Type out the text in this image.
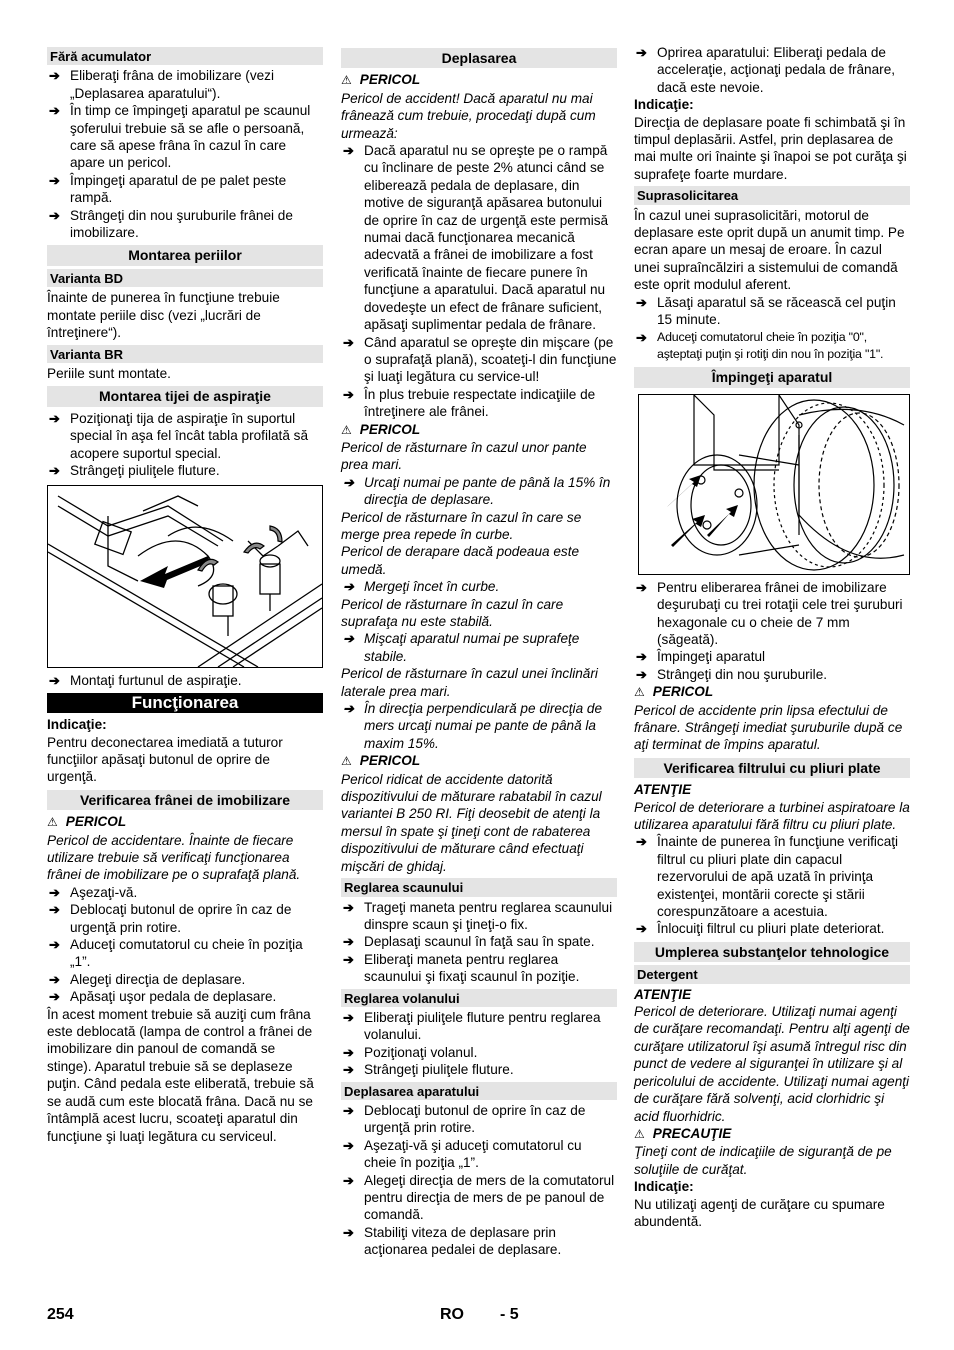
Fără acumulator
➔ Eliberaţi frâna de imobilizare (vezi „Deplasarea aparatului“).
➔ În timp ce împingeţi aparatul pe scaunul şoferului trebuie să se afle o persoană, care să apese frâna în cazul în care apare un pericol.
➔ Împingeţi aparatul de pe palet peste rampă.
➔ Strângeţi din nou şuruburile frânei de imobilizare.
Montarea periilor
Varianta BD

Înainte de punerea în funcţiune trebuie montate periile disc (vezi „lucrări de întreţinere“).

Varianta BR

Periile sunt montate.

Montarea tijei de aspiraţie
➔ Poziţionaţi tija de aspiraţie în suportul special în aşa fel încât tabla profilată să acopere suportul special.
➔ Strângeţi piuliţele fluture.
➔ Montaţi furtunul de aspiraţie.
Funcţionarea
Indicaţie:

Pentru deconectarea imediată a tuturor funcţiilor apăsaţi butonul de oprire de urgenţă.

Verificarea frânei de imobilizare
⚠ PERICOL

Pericol de accidentare. Înainte de fiecare utilizare trebuie să verificaţi funcţionarea frânei de imobilizare pe o suprafaţă plană.

➔ Aşezaţi-vă.
➔ Deblocaţi butonul de oprire în caz de urgenţă prin rotire.
➔ Aduceţi comutatorul cu cheie în poziţia „1”.
➔ Alegeţi direcţia de deplasare.
➔ Apăsaţi uşor pedala de deplasare.

În acest moment trebuie să auziţi cum frâna este deblocată (lampa de control a frânei de imobilizare din panoul de comandă se stinge). Aparatul trebuie să se deplaseze puţin. Când pedala este eliberată, trebuie să se audă cum este blocată frâna. Dacă nu se întâmplă acest lucru, scoateţi aparatul din funcţiune şi luaţi legătura cu serviceul.

Deplasarea
⚠ PERICOL

Pericol de accident! Dacă aparatul nu mai frânează cum trebuie, procedaţi după cum urmează:

➔ Dacă aparatul nu se opreşte pe o rampă cu înclinare de peste 2% atunci când se eliberează pedala de deplasare, din motive de siguranţă apăsarea butonului de oprire în caz de urgenţă este permisă numai dacă funcţionarea mecanică adecvată a frânei de imobilizare a fost verificată înainte de fiecare punere în funcţiune a aparatului. Dacă aparatul nu dovedeşte un efect de frânare suficient, apăsaţi suplimentar pedala de frânare.
➔ Când aparatul se opreşte din mişcare (pe o suprafaţă plană), scoateţi-l din funcţiune şi luaţi legătura cu service-ul!
➔ În plus trebuie respectate indicaţiile de întreţinere ale frânei.
⚠ PERICOL

Pericol de răsturnare în cazul unor pante prea mari.

➔ Urcaţi numai pe pante de până la 15% în direcţia de deplasare.

Pericol de răsturnare în cazul în care se merge prea repede în curbe.

Pericol de derapare dacă podeaua este umedă.

➔ Mergeţi încet în curbe.

Pericol de răsturnare în cazul în care suprafaţa nu este stabilă.

➔ Mişcaţi aparatul numai pe suprafeţe stabile.

Pericol de răsturnare în cazul unei înclinări laterale prea mari.

➔ În direcţia perpendiculară pe direcţia de mers urcaţi numai pe pante de până la maxim 15%.
⚠ PERICOL

Pericol ridicat de accidente datorită dispozitivului de măturare rabatabil în cazul variantei B 250 RI. Fiţi deosebit de atenţi la mersul în spate şi ţineţi cont de rabaterea dispozitivului de măturare când efectuaţi mişcări de ghidaj.

Reglarea scaunului
➔ Trageţi maneta pentru reglarea scaunului dinspre scaun şi ţineţi-o fix.
➔ Deplasaţi scaunul în faţă sau în spate.
➔ Eliberaţi maneta pentru reglarea scaunului şi fixaţi scaunul în poziţie.
Reglarea volanului
➔ Eliberaţi piuliţele fluture pentru reglarea volanului.
➔ Poziţionaţi volanul.
➔ Strângeţi piuliţele fluture.
Deplasarea aparatului
➔ Deblocaţi butonul de oprire în caz de urgenţă prin rotire.
➔ Aşezaţi-vă şi aduceţi comutatorul cu cheie în poziţia „1”.
➔ Alegeţi direcţia de mers de la comutatorul pentru direcţia de mers de pe panoul de comandă.
➔ Stabiliţi viteza de deplasare prin acţionarea pedalei de deplasare.
➔ Oprirea aparatului: Eliberaţi pedala de acceleraţie, acţionaţi pedala de frânare, dacă este nevoie.
Indicaţie:

Direcţia de deplasare poate fi schimbată şi în timpul deplasării. Astfel, prin deplasarea de mai multe ori înainte şi înapoi se pot curăţa şi suprafeţe foarte murdare.

Suprasolicitarea

În cazul unei suprasolicitări, motorul de deplasare este oprit după un anumit timp. Pe ecran apare un mesaj de eroare. În cazul unei supraîncălziri a sistemului de comandă este oprit modulul aferent.

➔ Lăsaţi aparatul să se răcească cel puţin 15 minute.
➔ Aduceţi comutatorul cheie în poziţia "0", aşteptaţi puţin şi rotiţi din nou în poziţia "1".
Împingeţi aparatul
➔ Pentru eliberarea frânei de imobilizare deşurubaţi cu trei rotaţii cele trei şuruburi hexagonale cu o cheie de 7 mm (săgeată).
➔ Împingeţi aparatul
➔ Strângeţi din nou şuruburile.
⚠ PERICOL

Pericol de accidente prin lipsa efectului de frânare. Strângeţi imediat şuruburile după ce aţi terminat de împins aparatul.

Verificarea filtrului cu pliuri plate
ATENŢIE

Pericol de deteriorare a turbinei aspiratoare la utilizarea aparatului fără filtru cu pliuri plate.

➔ Înainte de punerea în funcţiune verificaţi filtrul cu pliuri plate din capacul rezervorului de apă uzată în privinţa existenţei, montării corecte şi stării corespunzătoare a acestuia.
➔ Înlocuiţi filtrul cu pliuri plate deteriorat.
Umplerea substanţelor tehnologice
Detergent
ATENŢIE

Pericol de deteriorare. Utilizaţi numai agenţi de curăţare recomandaţi. Pentru alţi agenţi de curăţare utilizatorul îşi asumă întregul risc din punct de vedere al siguranţei în utilizare şi al pericolului de accidente. Utilizaţi numai agenţi de curăţare fără solvenţi, acid clorhidric şi acid fluorhidric.

⚠ PRECAUŢIE

Ţineţi cont de indicaţiile de siguranţă de pe soluţiile de curăţat.

Indicaţie:

Nu utilizaţi agenţi de curăţare cu spumare abundentă.

254	RO - 5
